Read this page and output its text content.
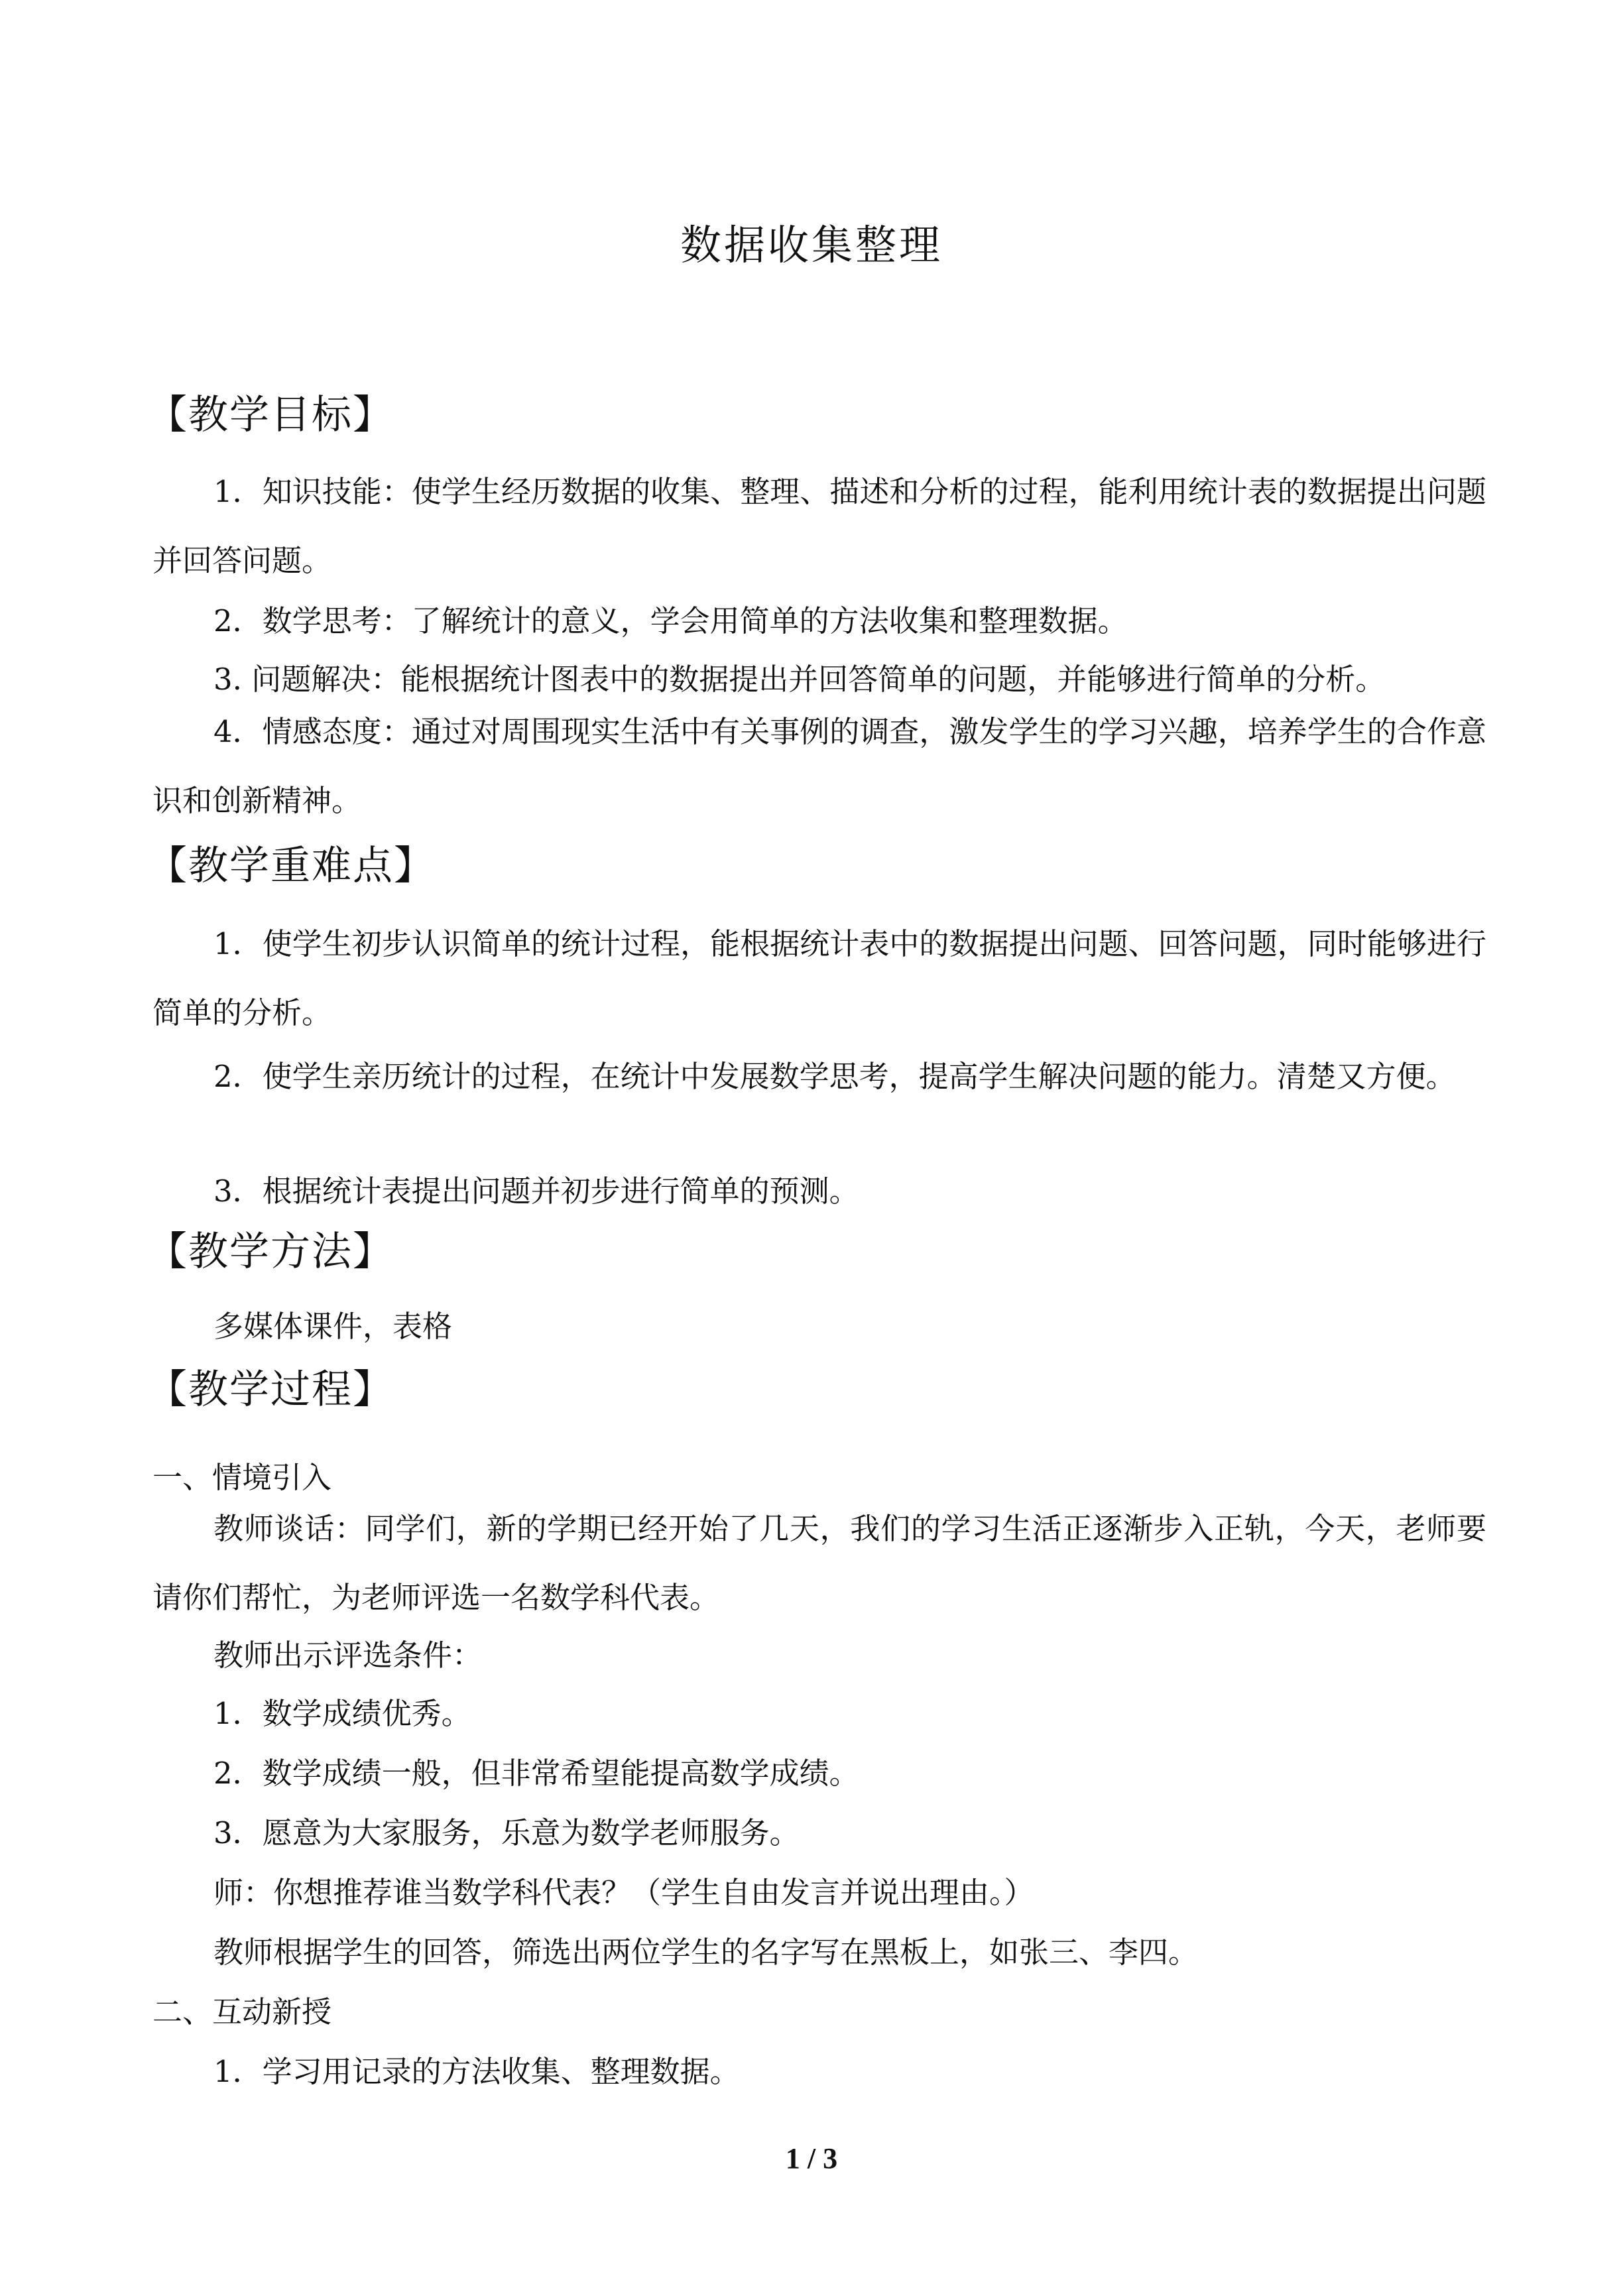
数据收集整理
【教学目标】

1．知识技能：使学生经历数据的收集、整理、描述和分析的过程，能利用统计表的数据提出问题并回答问题。

2．数学思考：了解统计的意义，学会用简单的方法收集和整理数据。
3. 问题解决：能根据统计图表中的数据提出并回答简单的问题，并能够进行简单的分析。

4．情感态度：通过对周围现实生活中有关事例的调查，激发学生的学习兴趣，培养学生的合作意识和创新精神。

【教学重难点】

1．使学生初步认识简单的统计过程，能根据统计表中的数据提出问题、回答问题，同时能够进行简单的分析。

2．使学生亲历统计的过程，在统计中发展数学思考，提高学生解决问题的能力。清楚又方便。

3．根据统计表提出问题并初步进行简单的预测。
【教学方法】
多媒体课件，表格
【教学过程】
一、情境引入

教师谈话：同学们，新的学期已经开始了几天，我们的学习生活正逐渐步入正轨，今天，老师要请你们帮忙，为老师评选一名数学科代表。

教师出示评选条件：
1．数学成绩优秀。
2．数学成绩一般，但非常希望能提高数学成绩。
3．愿意为大家服务，乐意为数学老师服务。
师：你想推荐谁当数学科代表？（学生自由发言并说出理由。）
教师根据学生的回答，筛选出两位学生的名字写在黑板上，如张三、李四。
二、互动新授
1．学习用记录的方法收集、整理数据。
1 / 3
